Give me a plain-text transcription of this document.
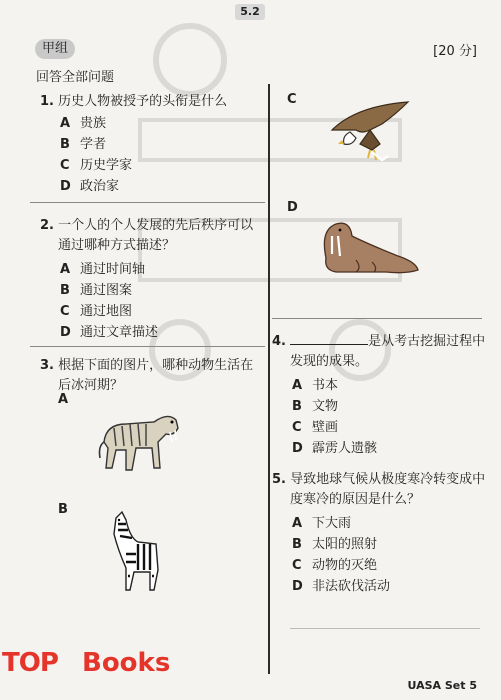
5.2
甲组	[20 分]
回答全部问题
1. 历史人物被授予的头衔是什么
A 贵族
B 学者
C 历史学家
D 政治家
2. 一个人的个人发展的先后秩序可以
通过哪种方式描述？
A 通过时间轴
B 通过图案
C 通过地图
D 通过文章描述
3. 根据下面的图片，哪种动物生活在
后冰河期？
A
B
C
D
4.	是从考古挖掘过程中
发现的成果。
A 书本
B 文物
C 壁画
D 霹雳人遗骸
5. 导致地球气候从极度寒冷转变成中
度寒冷的原因是什么？
A 下大雨
B 太阳的照射
C 动物的灭绝
D 非法砍伐活动
TOP Books
UASA Set 5
